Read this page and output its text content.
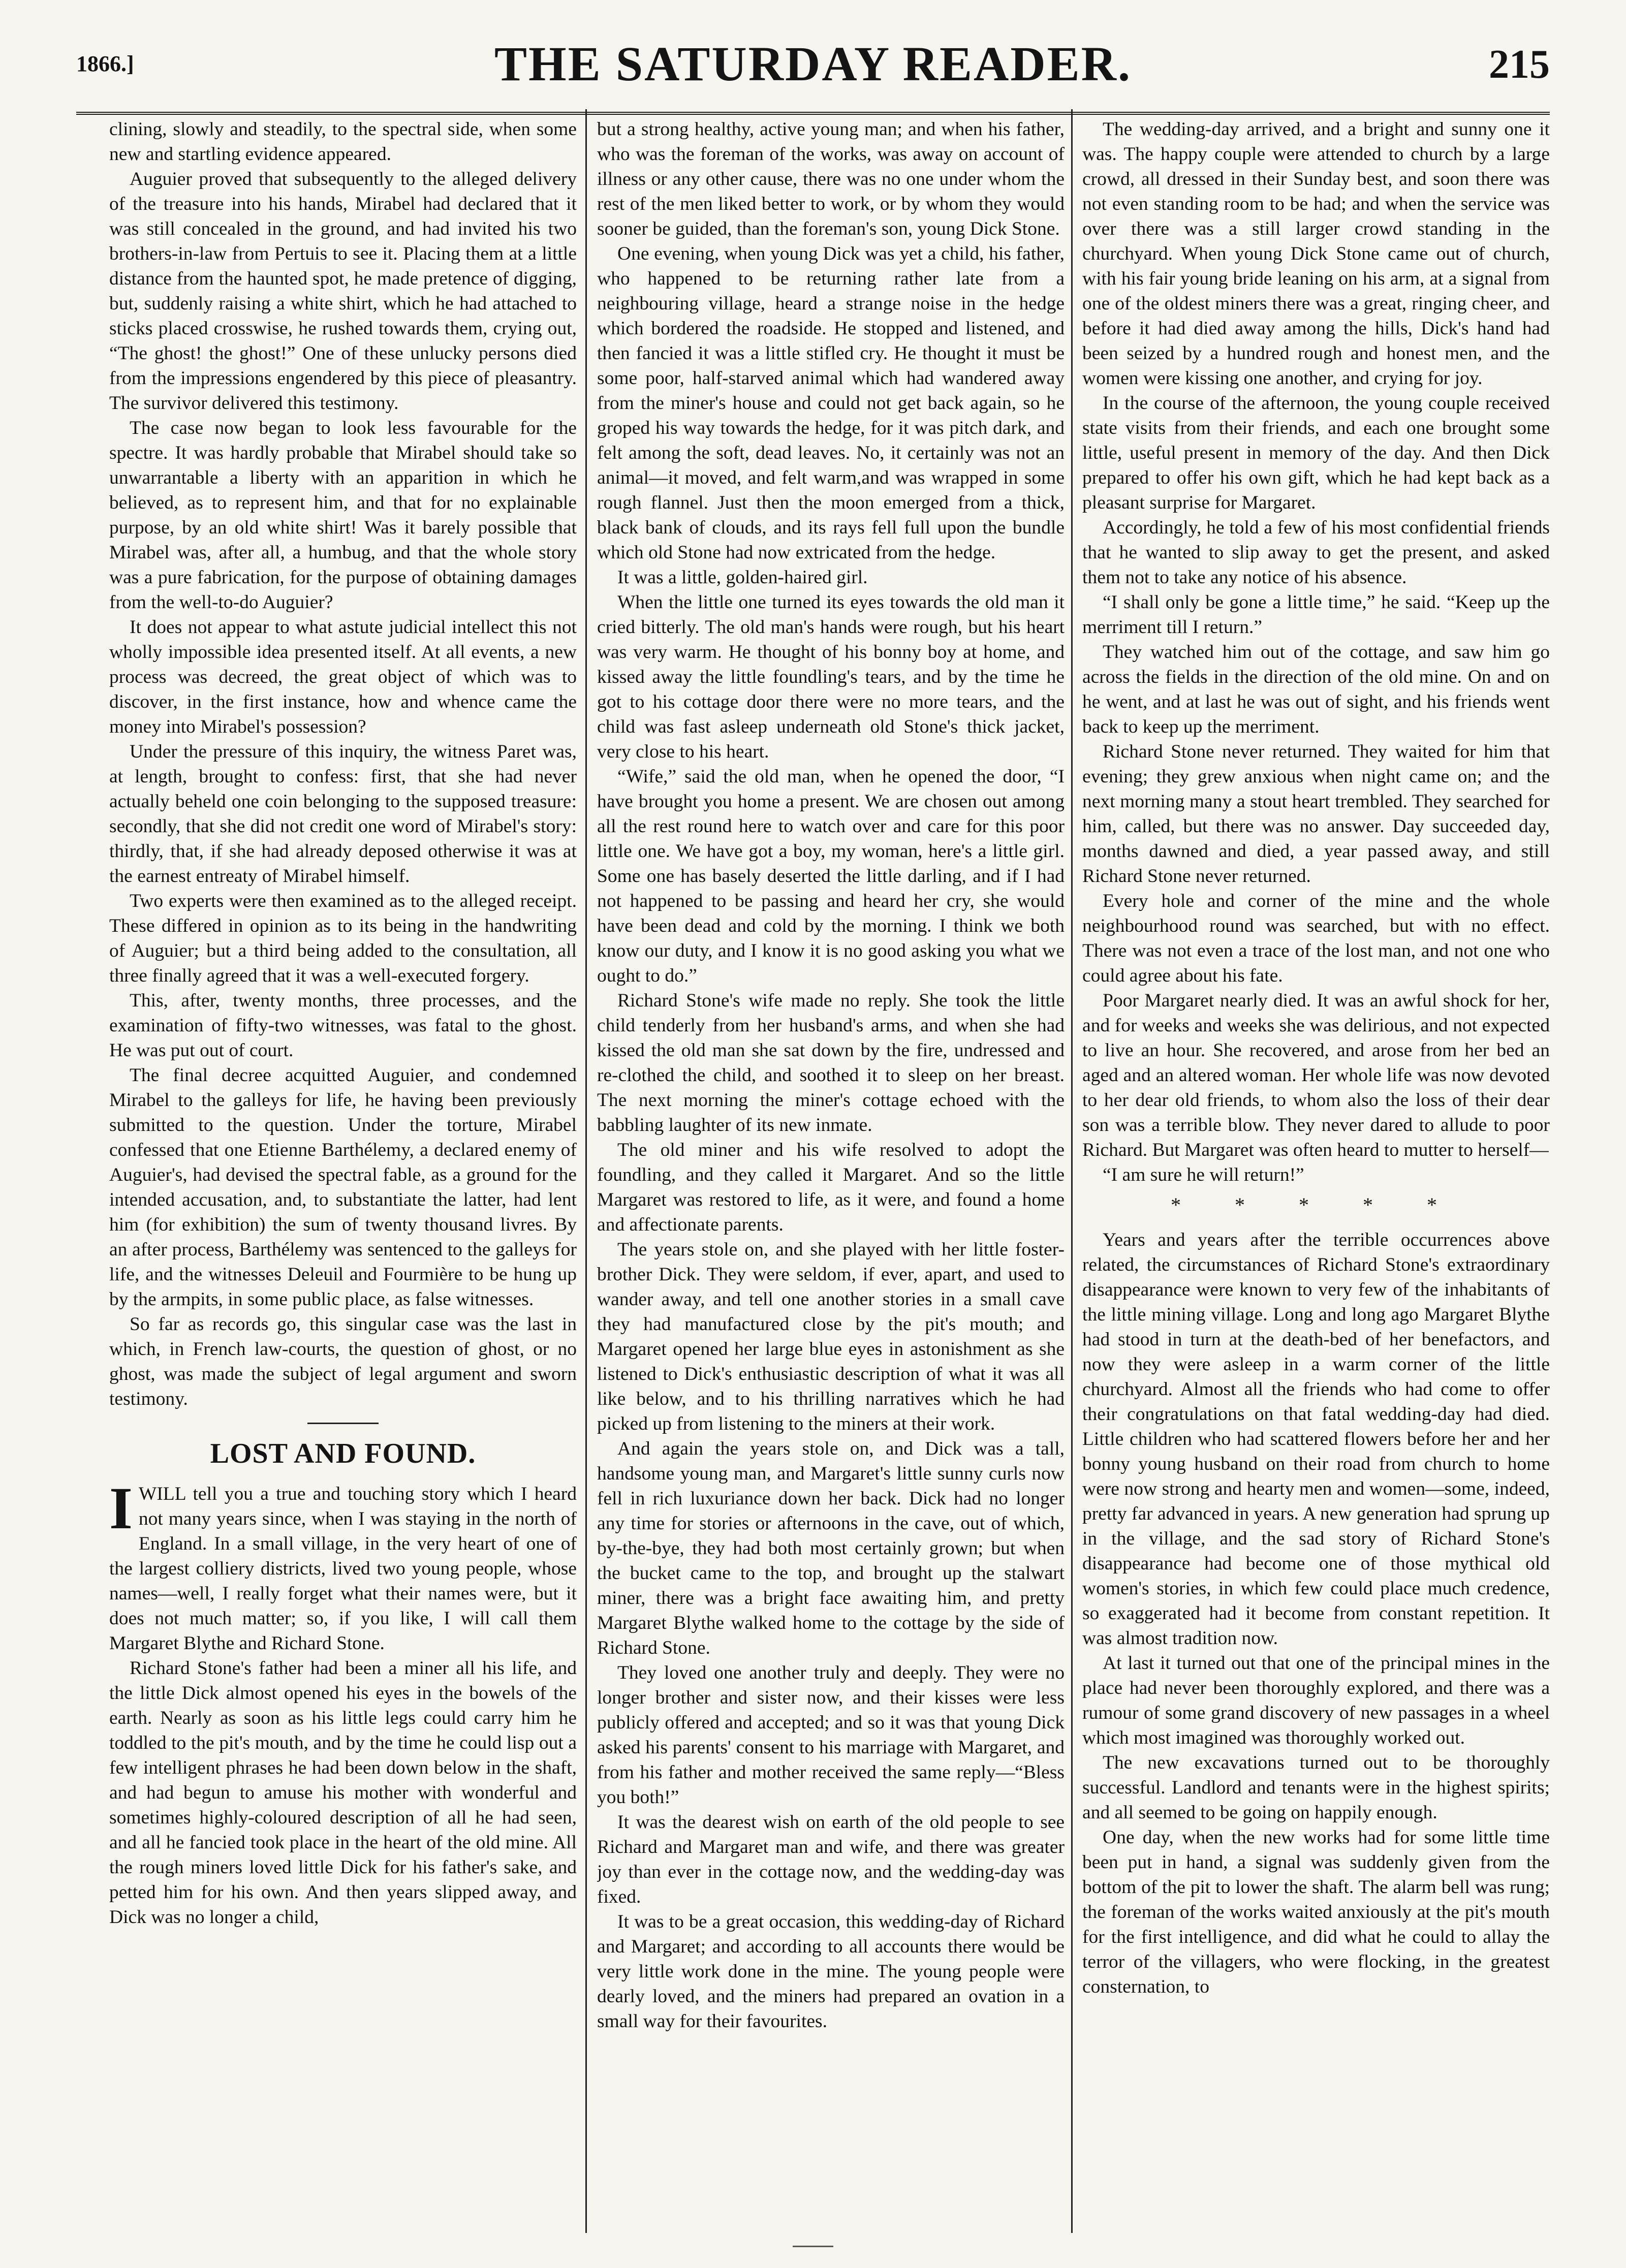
1866.]	THE SATURDAY READER.	215

clining, slowly and steadily, to the spectral side, when some new and startling evidence appeared.

Auguier proved that subsequently to the alleged delivery of the treasure into his hands, Mirabel had declared that it was still concealed in the ground, and had invited his two brothers-in-law from Pertuis to see it. Placing them at a little distance from the haunted spot, he made pretence of digging, but, suddenly raising a white shirt, which he had attached to sticks placed crosswise, he rushed towards them, crying out, “The ghost! the ghost!” One of these unlucky persons died from the impressions engendered by this piece of pleasantry. The survivor delivered this testimony.

The case now began to look less favourable for the spectre. It was hardly probable that Mirabel should take so unwarrantable a liberty with an apparition in which he believed, as to represent him, and that for no explainable purpose, by an old white shirt! Was it barely possible that Mirabel was, after all, a humbug, and that the whole story was a pure fabrication, for the purpose of obtaining damages from the well-to-do Auguier?

It does not appear to what astute judicial intellect this not wholly impossible idea presented itself. At all events, a new process was decreed, the great object of which was to discover, in the first instance, how and whence came the money into Mirabel's possession?

Under the pressure of this inquiry, the witness Paret was, at length, brought to confess: first, that she had never actually beheld one coin belonging to the supposed treasure: secondly, that she did not credit one word of Mirabel's story: thirdly, that, if she had already deposed otherwise it was at the earnest entreaty of Mirabel himself.

Two experts were then examined as to the alleged receipt. These differed in opinion as to its being in the handwriting of Auguier; but a third being added to the consultation, all three finally agreed that it was a well-executed forgery.

This, after, twenty months, three processes, and the examination of fifty-two witnesses, was fatal to the ghost. He was put out of court.

The final decree acquitted Auguier, and condemned Mirabel to the galleys for life, he having been previously submitted to the question. Under the torture, Mirabel confessed that one Etienne Barthélemy, a declared enemy of Auguier's, had devised the spectral fable, as a ground for the intended accusation, and, to substantiate the latter, had lent him (for exhibition) the sum of twenty thousand livres. By an after process, Barthélemy was sentenced to the galleys for life, and the witnesses Deleuil and Fourmière to be hung up by the armpits, in some public place, as false witnesses.

So far as records go, this singular case was the last in which, in French law-courts, the question of ghost, or no ghost, was made the subject of legal argument and sworn testimony.

LOST AND FOUND.

IWILL tell you a true and touching story which I heard not many years since, when I was staying in the north of England. In a small village, in the very heart of one of the largest colliery districts, lived two young people, whose names—well, I really forget what their names were, but it does not much matter; so, if you like, I will call them Margaret Blythe and Richard Stone.

Richard Stone's father had been a miner all his life, and the little Dick almost opened his eyes in the bowels of the earth. Nearly as soon as his little legs could carry him he toddled to the pit's mouth, and by the time he could lisp out a few intelligent phrases he had been down below in the shaft, and had begun to amuse his mother with wonderful and sometimes highly-coloured description of all he had seen, and all he fancied took place in the heart of the old mine. All the rough miners loved little Dick for his father's sake, and petted him for his own. And then years slipped away, and Dick was no longer a child,

but a strong healthy, active young man; and when his father, who was the foreman of the works, was away on account of illness or any other cause, there was no one under whom the rest of the men liked better to work, or by whom they would sooner be guided, than the foreman's son, young Dick Stone.

One evening, when young Dick was yet a child, his father, who happened to be returning rather late from a neighbouring village, heard a strange noise in the hedge which bordered the roadside. He stopped and listened, and then fancied it was a little stifled cry. He thought it must be some poor, half-starved animal which had wandered away from the miner's house and could not get back again, so he groped his way towards the hedge, for it was pitch dark, and felt among the soft, dead leaves. No, it certainly was not an animal—it moved, and felt warm,and was wrapped in some rough flannel. Just then the moon emerged from a thick, black bank of clouds, and its rays fell full upon the bundle which old Stone had now extricated from the hedge.

It was a little, golden-haired girl.

When the little one turned its eyes towards the old man it cried bitterly. The old man's hands were rough, but his heart was very warm. He thought of his bonny boy at home, and kissed away the little foundling's tears, and by the time he got to his cottage door there were no more tears, and the child was fast asleep underneath old Stone's thick jacket, very close to his heart.

“Wife,” said the old man, when he opened the door, “I have brought you home a present. We are chosen out among all the rest round here to watch over and care for this poor little one. We have got a boy, my woman, here's a little girl. Some one has basely deserted the little darling, and if I had not happened to be passing and heard her cry, she would have been dead and cold by the morning. I think we both know our duty, and I know it is no good asking you what we ought to do.”

Richard Stone's wife made no reply. She took the little child tenderly from her husband's arms, and when she had kissed the old man she sat down by the fire, undressed and re-clothed the child, and soothed it to sleep on her breast. The next morning the miner's cottage echoed with the babbling laughter of its new inmate.

The old miner and his wife resolved to adopt the foundling, and they called it Margaret. And so the little Margaret was restored to life, as it were, and found a home and affectionate parents.

The years stole on, and she played with her little foster-brother Dick. They were seldom, if ever, apart, and used to wander away, and tell one another stories in a small cave they had manufactured close by the pit's mouth; and Margaret opened her large blue eyes in astonishment as she listened to Dick's enthusiastic description of what it was all like below, and to his thrilling narratives which he had picked up from listening to the miners at their work.

And again the years stole on, and Dick was a tall, handsome young man, and Margaret's little sunny curls now fell in rich luxuriance down her back. Dick had no longer any time for stories or afternoons in the cave, out of which, by-the-bye, they had both most certainly grown; but when the bucket came to the top, and brought up the stalwart miner, there was a bright face awaiting him, and pretty Margaret Blythe walked home to the cottage by the side of Richard Stone.

They loved one another truly and deeply. They were no longer brother and sister now, and their kisses were less publicly offered and accepted; and so it was that young Dick asked his parents' consent to his marriage with Margaret, and from his father and mother received the same reply—“Bless you both!”

It was the dearest wish on earth of the old people to see Richard and Margaret man and wife, and there was greater joy than ever in the cottage now, and the wedding-day was fixed.

It was to be a great occasion, this wedding-day of Richard and Margaret; and according to all accounts there would be very little work done in the mine. The young people were dearly loved, and the miners had prepared an ovation in a small way for their favourites.

The wedding-day arrived, and a bright and sunny one it was. The happy couple were attended to church by a large crowd, all dressed in their Sunday best, and soon there was not even standing room to be had; and when the service was over there was a still larger crowd standing in the churchyard. When young Dick Stone came out of church, with his fair young bride leaning on his arm, at a signal from one of the oldest miners there was a great, ringing cheer, and before it had died away among the hills, Dick's hand had been seized by a hundred rough and honest men, and the women were kissing one another, and crying for joy.

In the course of the afternoon, the young couple received state visits from their friends, and each one brought some little, useful present in memory of the day. And then Dick prepared to offer his own gift, which he had kept back as a pleasant surprise for Margaret.

Accordingly, he told a few of his most confidential friends that he wanted to slip away to get the present, and asked them not to take any notice of his absence.

“I shall only be gone a little time,” he said. “Keep up the merriment till I return.”

They watched him out of the cottage, and saw him go across the fields in the direction of the old mine. On and on he went, and at last he was out of sight, and his friends went back to keep up the merriment.

Richard Stone never returned. They waited for him that evening; they grew anxious when night came on; and the next morning many a stout heart trembled. They searched for him, called, but there was no answer. Day succeeded day, months dawned and died, a year passed away, and still Richard Stone never returned.

Every hole and corner of the mine and the whole neighbourhood round was searched, but with no effect. There was not even a trace of the lost man, and not one who could agree about his fate.

Poor Margaret nearly died. It was an awful shock for her, and for weeks and weeks she was delirious, and not expected to live an hour. She recovered, and arose from her bed an aged and an altered woman. Her whole life was now devoted to her dear old friends, to whom also the loss of their dear son was a terrible blow. They never dared to allude to poor Richard. But Margaret was often heard to mutter to herself—

“I am sure he will return!”

* * * * *

Years and years after the terrible occurrences above related, the circumstances of Richard Stone's extraordinary disappearance were known to very few of the inhabitants of the little mining village. Long and long ago Margaret Blythe had stood in turn at the death-bed of her benefactors, and now they were asleep in a warm corner of the little churchyard. Almost all the friends who had come to offer their congratulations on that fatal wedding-day had died. Little children who had scattered flowers before her and her bonny young husband on their road from church to home were now strong and hearty men and women—some, indeed, pretty far advanced in years. A new generation had sprung up in the village, and the sad story of Richard Stone's disappearance had become one of those mythical old women's stories, in which few could place much credence, so exaggerated had it become from constant repetition. It was almost tradition now.

At last it turned out that one of the principal mines in the place had never been thoroughly explored, and there was a rumour of some grand discovery of new passages in a wheel which most imagined was thoroughly worked out.

The new excavations turned out to be thoroughly successful. Landlord and tenants were in the highest spirits; and all seemed to be going on happily enough.

One day, when the new works had for some little time been put in hand, a signal was suddenly given from the bottom of the pit to lower the shaft. The alarm bell was rung; the foreman of the works waited anxiously at the pit's mouth for the first intelligence, and did what he could to allay the terror of the villagers, who were flocking, in the greatest consternation, to
